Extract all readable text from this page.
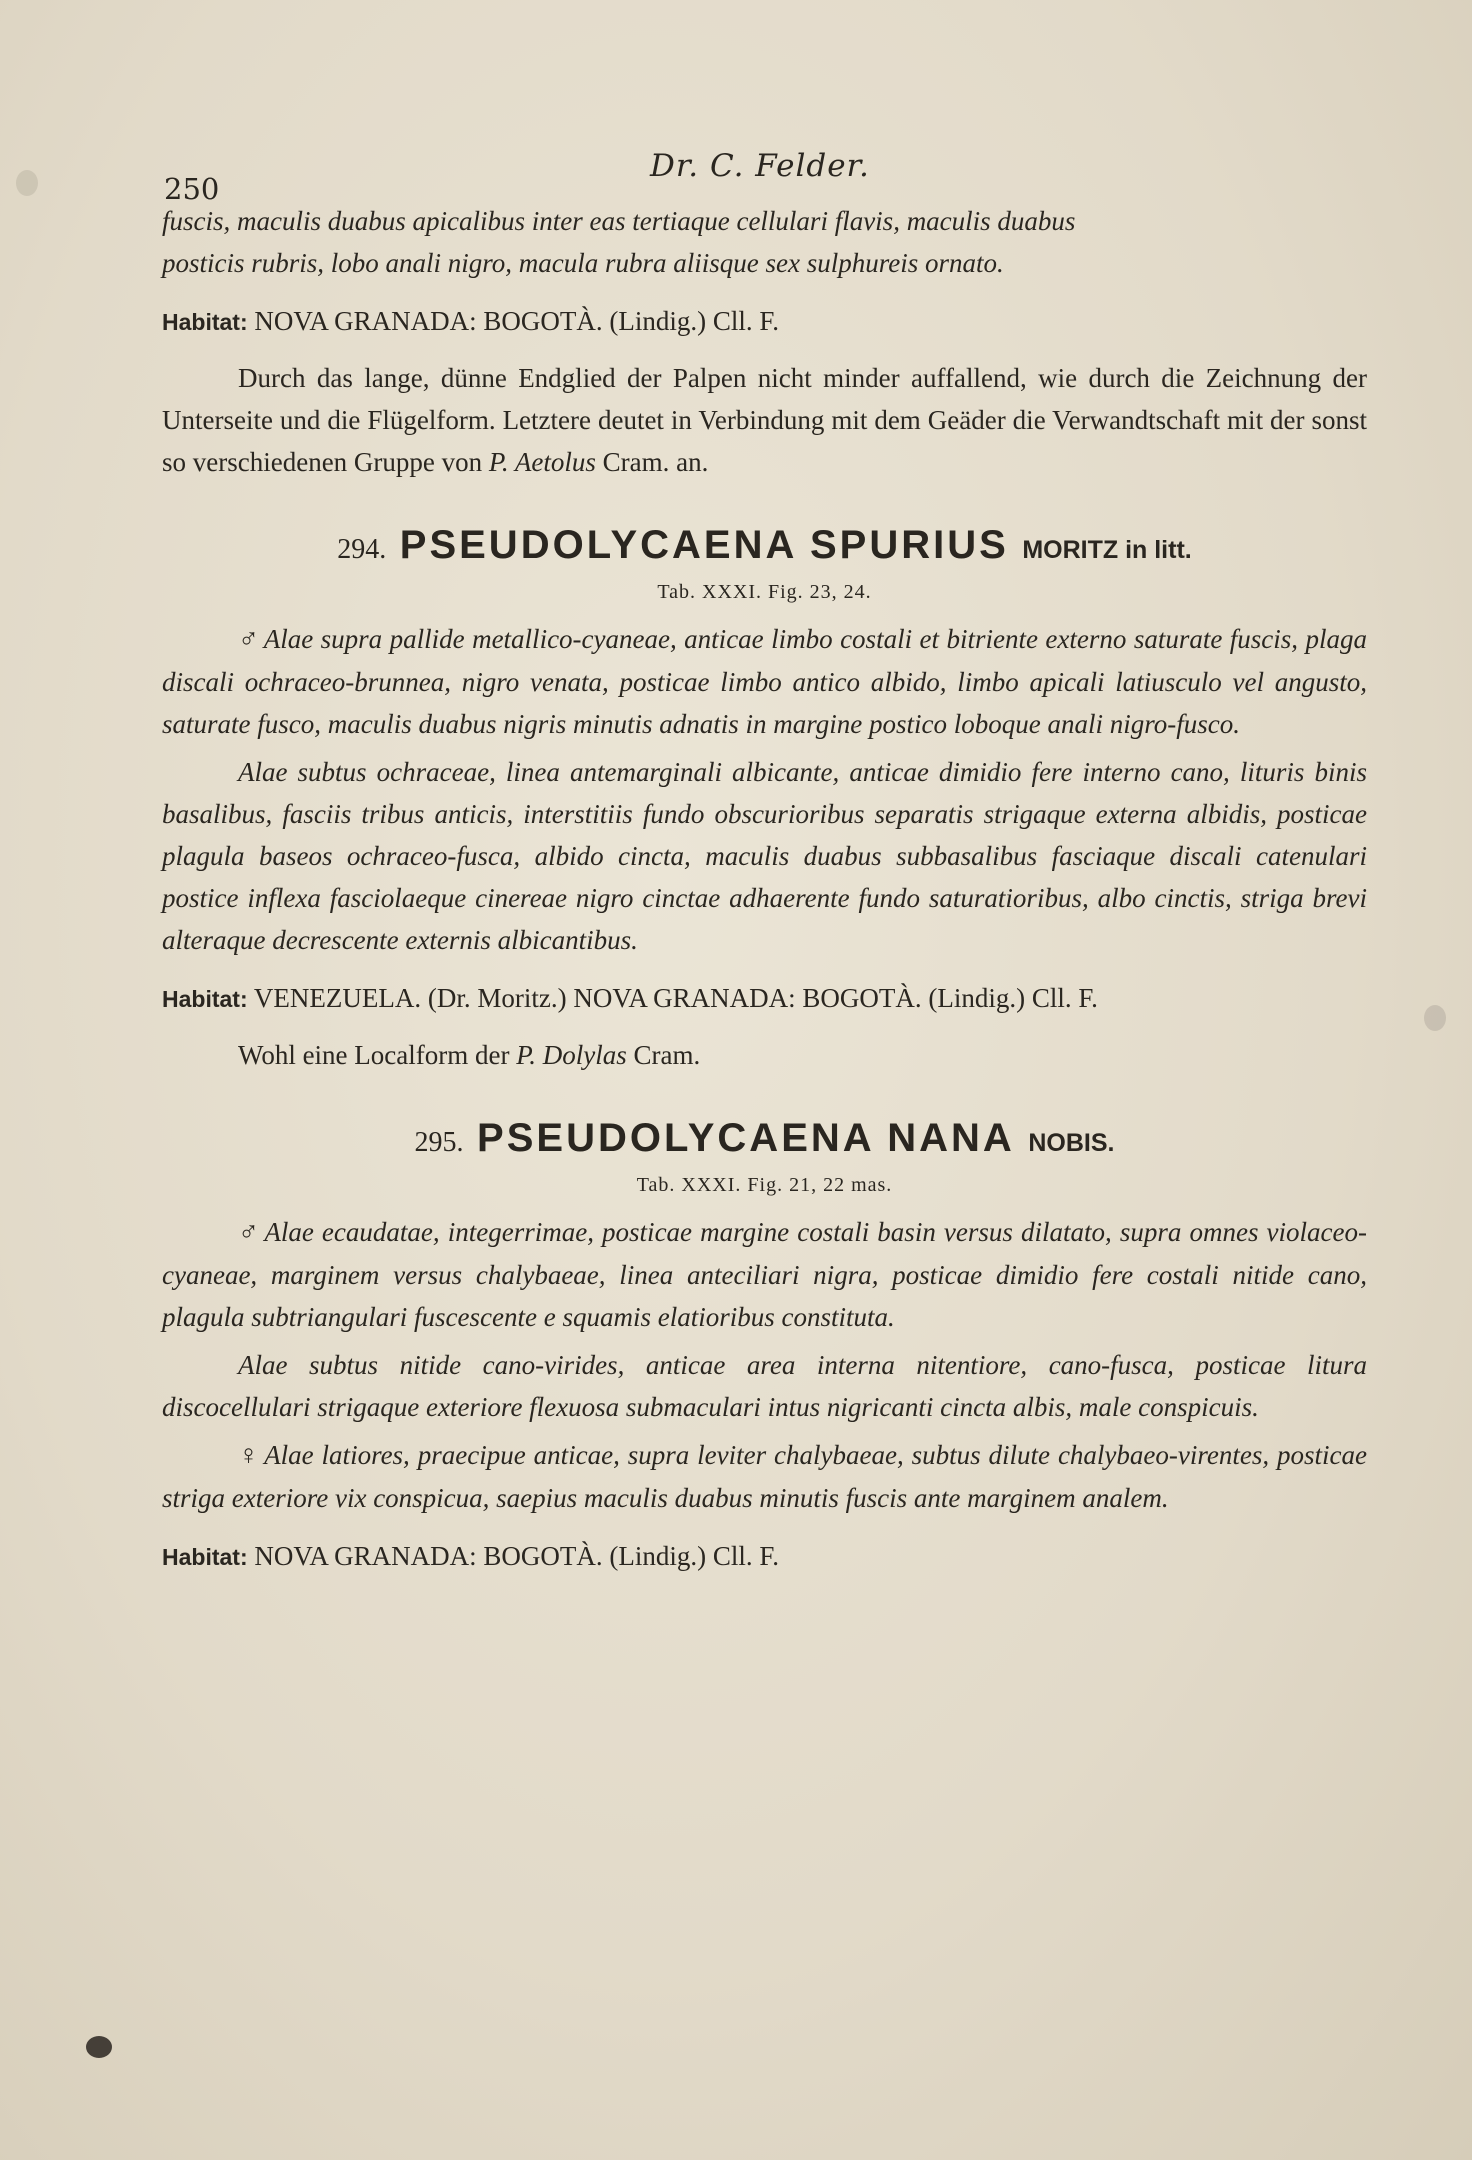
250
Dr. C. Felder.

fuscis, maculis duabus apicalibus inter eas tertiaque cellulari flavis, maculis duabus

posticis rubris, lobo anali nigro, macula rubra aliisque sex sulphureis ornato.

Habitat: NOVA GRANADA: BOGOTÀ. (Lindig.) Cll. F.

Durch das lange, dünne Endglied der Palpen nicht minder auffallend, wie durch die Zeichnung der Unterseite und die Flügelform. Letztere deutet in Verbindung mit dem Geäder die Verwandtschaft mit der sonst so verschiedenen Gruppe von P. Aetolus Cram. an.

294. PSEUDOLYCAENA SPURIUS MORITZ in litt.
Tab. XXXI. Fig. 23, 24.

♂ Alae supra pallide metallico-cyaneae, anticae limbo costali et bitriente externo saturate fuscis, plaga discali ochraceo-brunnea, nigro venata, posticae limbo antico albido, limbo apicali latiusculo vel angusto, saturate fusco, maculis duabus nigris minutis adnatis in margine postico loboque anali nigro-fusco.

Alae subtus ochraceae, linea antemarginali albicante, anticae dimidio fere interno cano, lituris binis basalibus, fasciis tribus anticis, interstitiis fundo obscurioribus separatis strigaque externa albidis, posticae plagula baseos ochraceo-fusca, albido cincta, maculis duabus subbasalibus fasciaque discali catenulari postice inflexa fasciolaeque cinereae nigro cinctae adhaerente fundo saturatioribus, albo cinctis, striga brevi alteraque decrescente externis albicantibus.

Habitat: VENEZUELA. (Dr. Moritz.) NOVA GRANADA: BOGOTÀ. (Lindig.) Cll. F.

Wohl eine Localform der P. Dolylas Cram.

295. PSEUDOLYCAENA NANA NOBIS.
Tab. XXXI. Fig. 21, 22 mas.

♂ Alae ecaudatae, integerrimae, posticae margine costali basin versus dilatato, supra omnes violaceo-cyaneae, marginem versus chalybaeae, linea anteciliari nigra, posticae dimidio fere costali nitide cano, plagula subtriangulari fuscescente e squamis elatioribus constituta.

Alae subtus nitide cano-virides, anticae area interna nitentiore, cano-fusca, posticae litura discocellulari strigaque exteriore flexuosa submaculari intus nigricanti cincta albis, male conspicuis.

♀ Alae latiores, praecipue anticae, supra leviter chalybaeae, subtus dilute chalybaeo-virentes, posticae striga exteriore vix conspicua, saepius maculis duabus minutis fuscis ante marginem analem.

Habitat: NOVA GRANADA: BOGOTÀ. (Lindig.) Cll. F.
